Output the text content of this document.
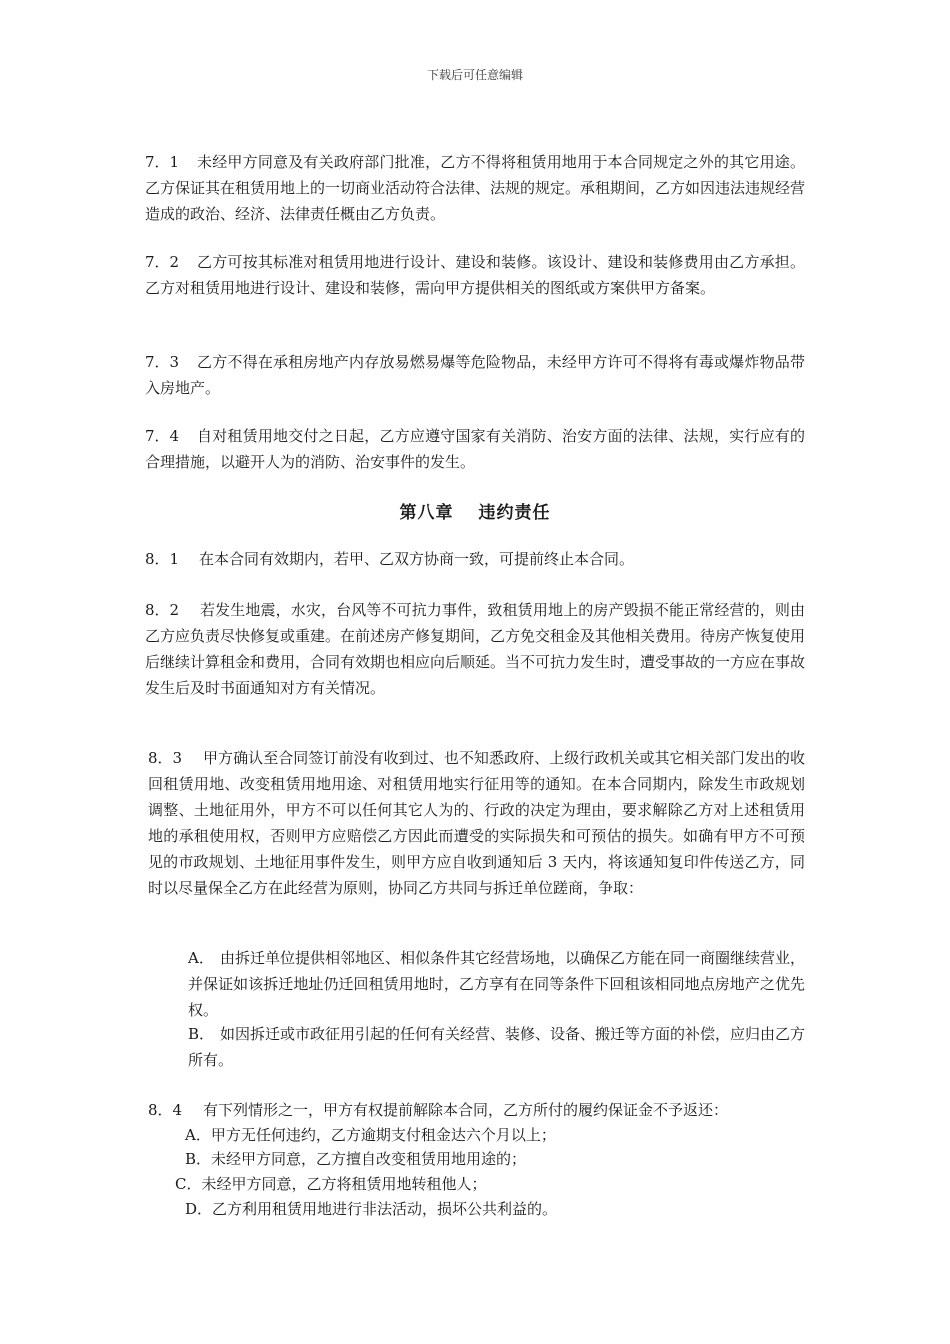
下载后可任意编辑
7．1	未经甲方同意及有关政府部门批准，乙方不得将租赁用地用于本合同规定之外的其它用途。乙方保证其在租赁用地上的一切商业活动符合法律、法规的规定。承租期间，乙方如因违法违规经营造成的政治、经济、法律责任概由乙方负责。
7．2	乙方可按其标准对租赁用地进行设计、建设和装修。该设计、建设和装修费用由乙方承担。乙方对租赁用地进行设计、建设和装修，需向甲方提供相关的图纸或方案供甲方备案。
7．3	乙方不得在承租房地产内存放易燃易爆等危险物品，未经甲方许可不得将有毒或爆炸物品带入房地产。
7．4	自对租赁用地交付之日起，乙方应遵守国家有关消防、治安方面的法律、法规，实行应有的合理措施，以避开人为的消防、治安事件的发生。
第八章　 违约责任
8．1	在本合同有效期内，若甲、乙双方协商一致，可提前终止本合同。
8．2	若发生地震，水灾，台风等不可抗力事件，致租赁用地上的房产毁损不能正常经营的，则由乙方应负责尽快修复或重建。在前述房产修复期间，乙方免交租金及其他相关费用。待房产恢复使用后继续计算租金和费用，合同有效期也相应向后顺延。当不可抗力发生时，遭受事故的一方应在事故发生后及时书面通知对方有关情况。
8．3	甲方确认至合同签订前没有收到过、也不知悉政府、上级行政机关或其它相关部门发出的收回租赁用地、改变租赁用地用途、对租赁用地实行征用等的通知。在本合同期内，除发生市政规划调整、土地征用外，甲方不可以任何其它人为的、行政的决定为理由，要求解除乙方对上述租赁用地的承租使用权，否则甲方应赔偿乙方因此而遭受的实际损失和可预估的损失。如确有甲方不可预见的市政规划、土地征用事件发生，则甲方应自收到通知后 3 天内，将该通知复印件传送乙方，同时以尽量保全乙方在此经营为原则，协同乙方共同与拆迁单位蹉商，争取：
A． 由拆迁单位提供相邻地区、相似条件其它经营场地，以确保乙方能在同一商圈继续营业，并保证如该拆迁地址仍迁回租赁用地时，乙方享有在同等条件下回租该相同地点房地产之优先权。
B． 如因拆迁或市政征用引起的任何有关经营、装修、设备、搬迁等方面的补偿，应归由乙方所有。
8．4	有下列情形之一，甲方有权提前解除本合同，乙方所付的履约保证金不予返还：
A．甲方无任何违约，乙方逾期支付租金达六个月以上；
B．未经甲方同意，乙方擅自改变租赁用地用途的；
C．未经甲方同意，乙方将租赁用地转租他人；
D．乙方利用租赁用地进行非法活动，损坏公共利益的。
